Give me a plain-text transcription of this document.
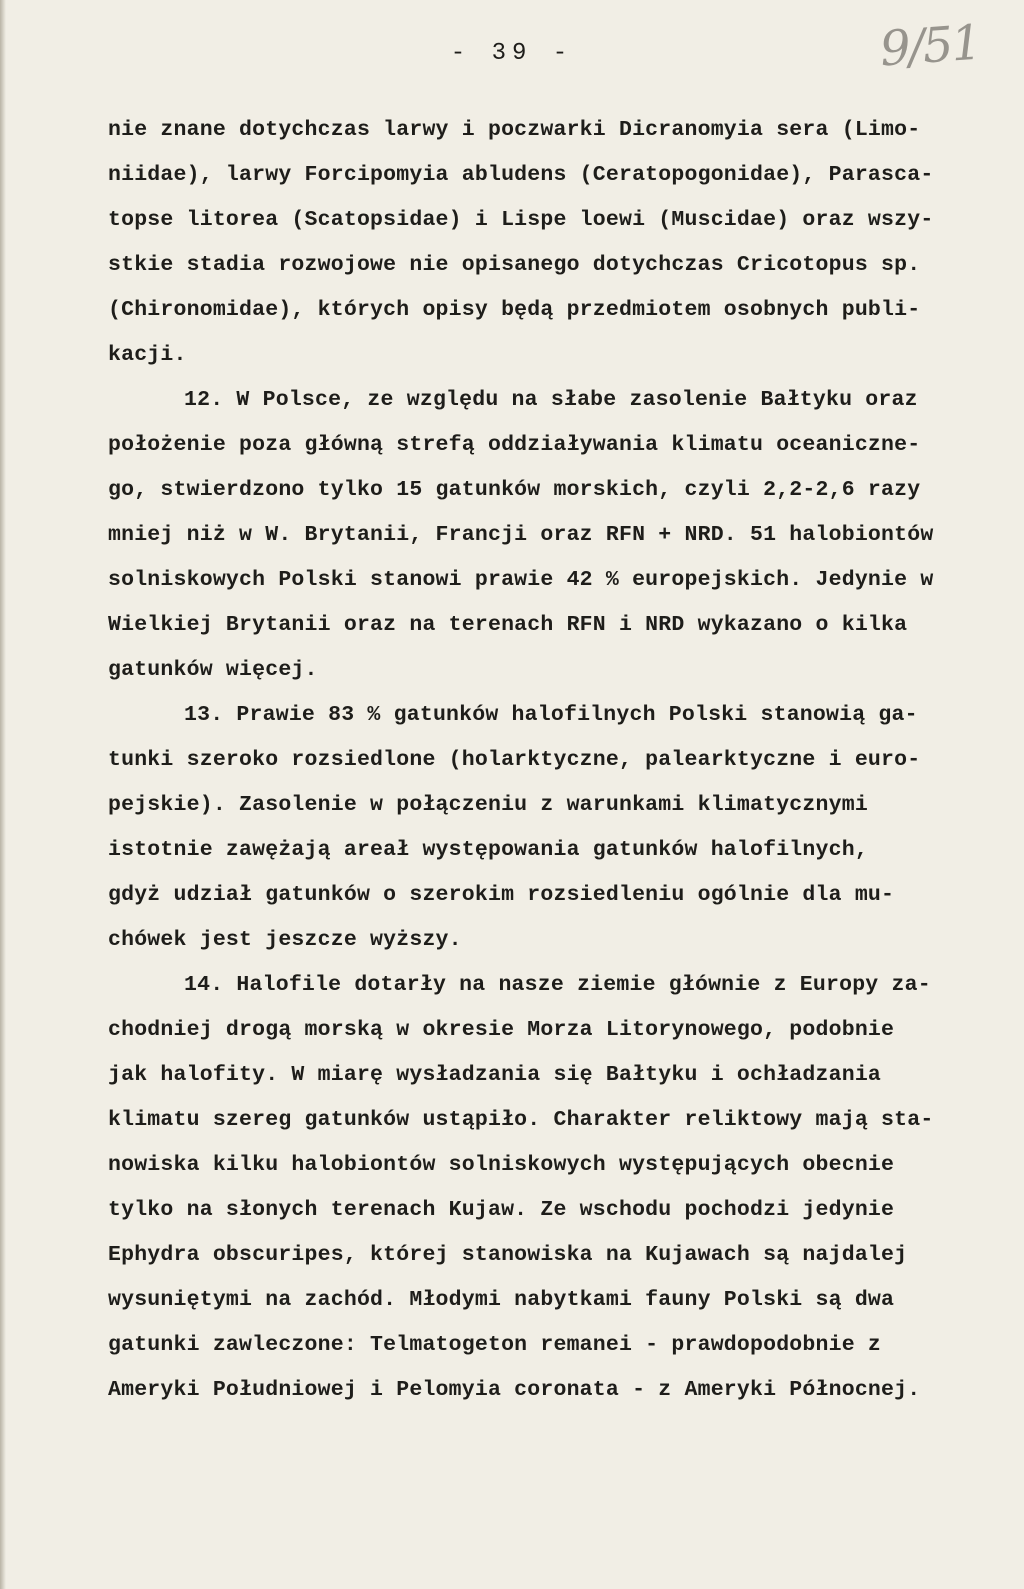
- 39 -	9/51
nie znane dotychczas larwy i poczwarki Dicranomyia sera (Limo-
niidae), larwy Forcipomyia abludens (Ceratopogonidae), Parasca-
topse litorea (Scatopsidae) i Lispe loewi (Muscidae) oraz wszy-
stkie stadia rozwojowe nie opisanego dotychczas Cricotopus sp.
(Chironomidae), których opisy będą przedmiotem osobnych publi-
kacji.
12. W Polsce, ze względu na słabe zasolenie Bałtyku oraz
położenie poza główną strefą oddziaływania klimatu oceanicznе-
go, stwierdzono tylko 15 gatunków morskich, czyli 2,2-2,6 razy
mniej niż w W. Brytanii, Francji oraz RFN + NRD. 51 halobiontów
solniskowych Polski stanowi prawie 42 % europejskich. Jedynie w
Wielkiej Brytanii oraz na terenach RFN i NRD wykazano o kilka
gatunków więcej.
13. Prawie 83 % gatunków halofilnych Polski stanowią ga-
tunki szeroko rozsiedlone (holarktyczne, palearktyczne i euro-
pejskie). Zasolenie w połączeniu z warunkami klimatycznymi
istotnie zawężają areał występowania gatunków halofilnych,
gdyż udział gatunków o szerokim rozsiedleniu ogólnie dla mu-
chówek jest jeszcze wyższy.
14. Halofile dotarły na nasze ziemie głównie z Europy za-
chodniej drogą morską w okresie Morza Litorynowego, podobnie
jak halofity. W miarę wysładzania się Bałtyku i ochładzania
klimatu szereg gatunków ustąpiło. Charakter reliktowy mają sta-
nowiska kilku halobiontów solniskowych występujących obecnie
tylko na słonych terenach Kujaw. Ze wschodu pochodzi jedynie
Ephydra obscuripes, której stanowiska na Kujawach są najdalej
wysuniętymi na zachód. Młodymi nabytkami fauny Polski są dwa
gatunki zawleczone: Telmatogeton remanei - prawdopodobnie z
Ameryki Południowej i Pelomyia coronata - z Ameryki Północnej.
